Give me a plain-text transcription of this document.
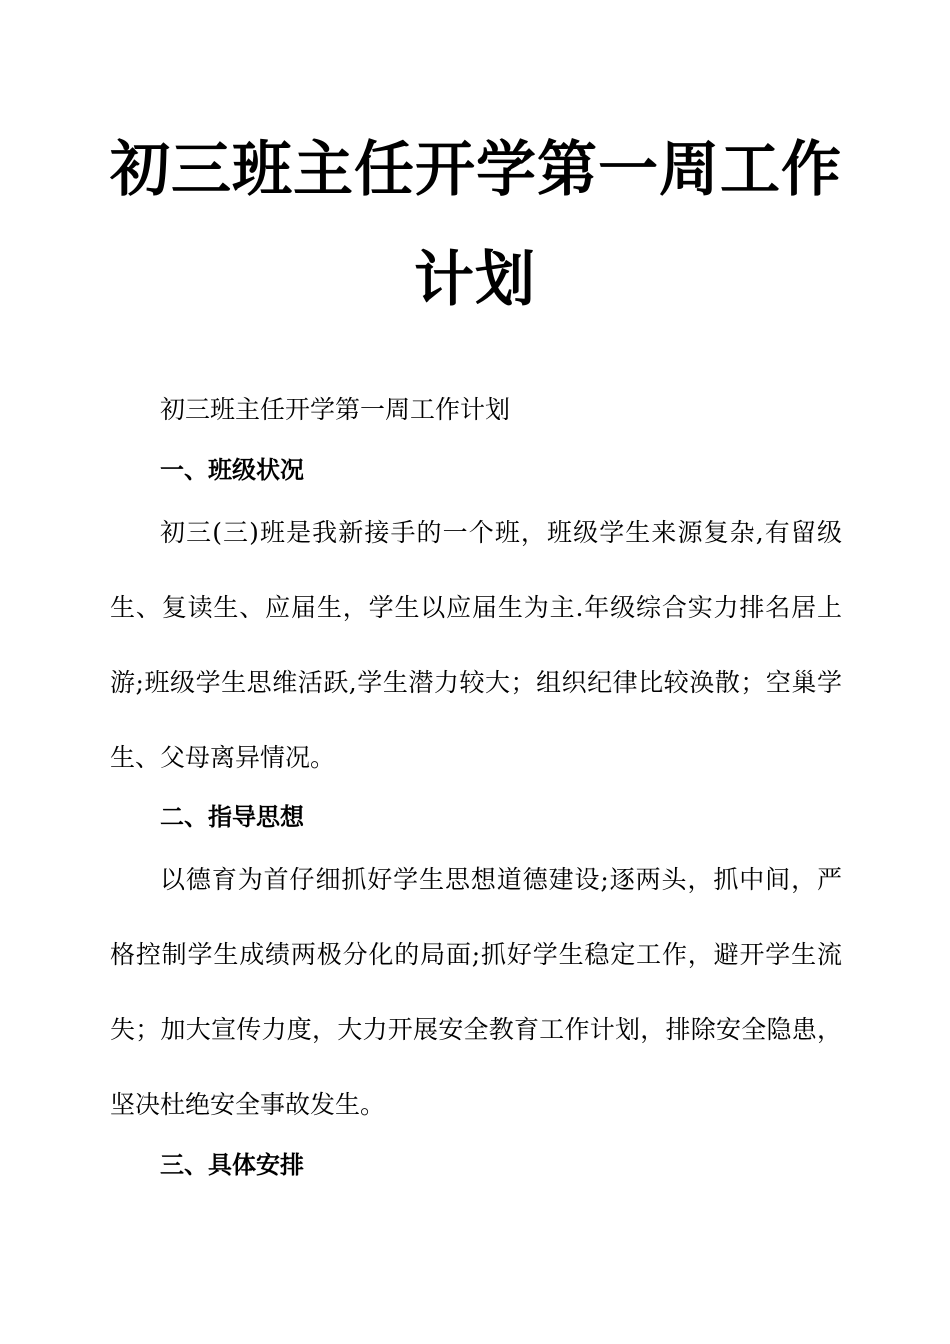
初三班主任开学第一周工作
计划

初三班主任开学第一周工作计划

一、班级状况

初三(三)班是我新接手的一个班，班级学生来源复杂,有留级生、复读生、应届生，学生以应届生为主.年级综合实力排名居上游;班级学生思维活跃,学生潜力较大；组织纪律比较涣散；空巢学生、父母离异情况。

二、指导思想

以德育为首仔细抓好学生思想道德建设;逐两头，抓中间，严格控制学生成绩两极分化的局面;抓好学生稳定工作，避开学生流失；加大宣传力度，大力开展安全教育工作计划，排除安全隐患，坚决杜绝安全事故发生。

三、具体安排
